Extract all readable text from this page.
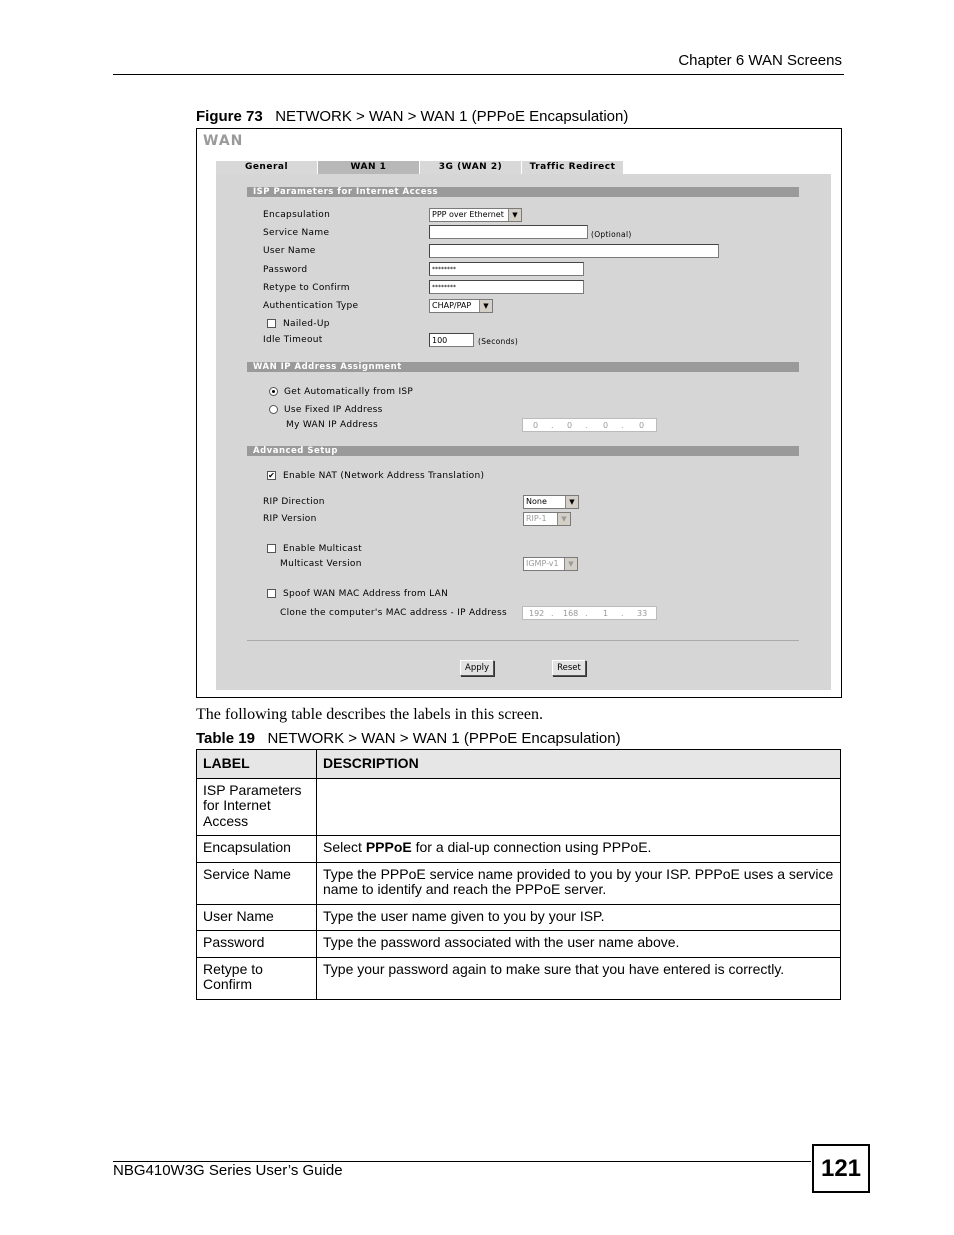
Chapter 6 WAN Screens
Figure 73 NETWORK > WAN > WAN 1 (PPPoE Encapsulation)
WAN
General	WAN 1	3G (WAN 2)	Traffic Redirect
ISP Parameters for Internet Access
Encapsulation	PPP over Ethernet	▼
Service Name	(Optional)
User Name
Password	********
Retype to Confirm	********
Authentication Type	CHAP/PAP	▼
Nailed-Up
Idle Timeout	100	(Seconds)
WAN IP Address Assignment
Get Automatically from ISP
Use Fixed IP Address
My WAN IP Address	0 . 0 . 0 . 0
Advanced Setup
✔ Enable NAT (Network Address Translation)
RIP Direction	None	▼
RIP Version	RIP-1	▼
Enable Multicast
Multicast Version	IGMP-v1	▼
Spoof WAN MAC Address from LAN
Clone the computer's MAC address - IP Address	192 . 168 . 1 . 33
Apply	Reset
The following table describes the labels in this screen.
Table 19 NETWORK > WAN > WAN 1 (PPPoE Encapsulation)
LABEL	DESCRIPTION
ISP Parameters for Internet Access	
Encapsulation	Select PPPoE for a dial-up connection using PPPoE.
Service Name	Type the PPPoE service name provided to you by your ISP. PPPoE uses a service name to identify and reach the PPPoE server.
User Name	Type the user name given to you by your ISP.
Password	Type the password associated with the user name above.
Retype to Confirm	Type your password again to make sure that you have entered is correctly.
NBG410W3G Series User’s Guide	121
